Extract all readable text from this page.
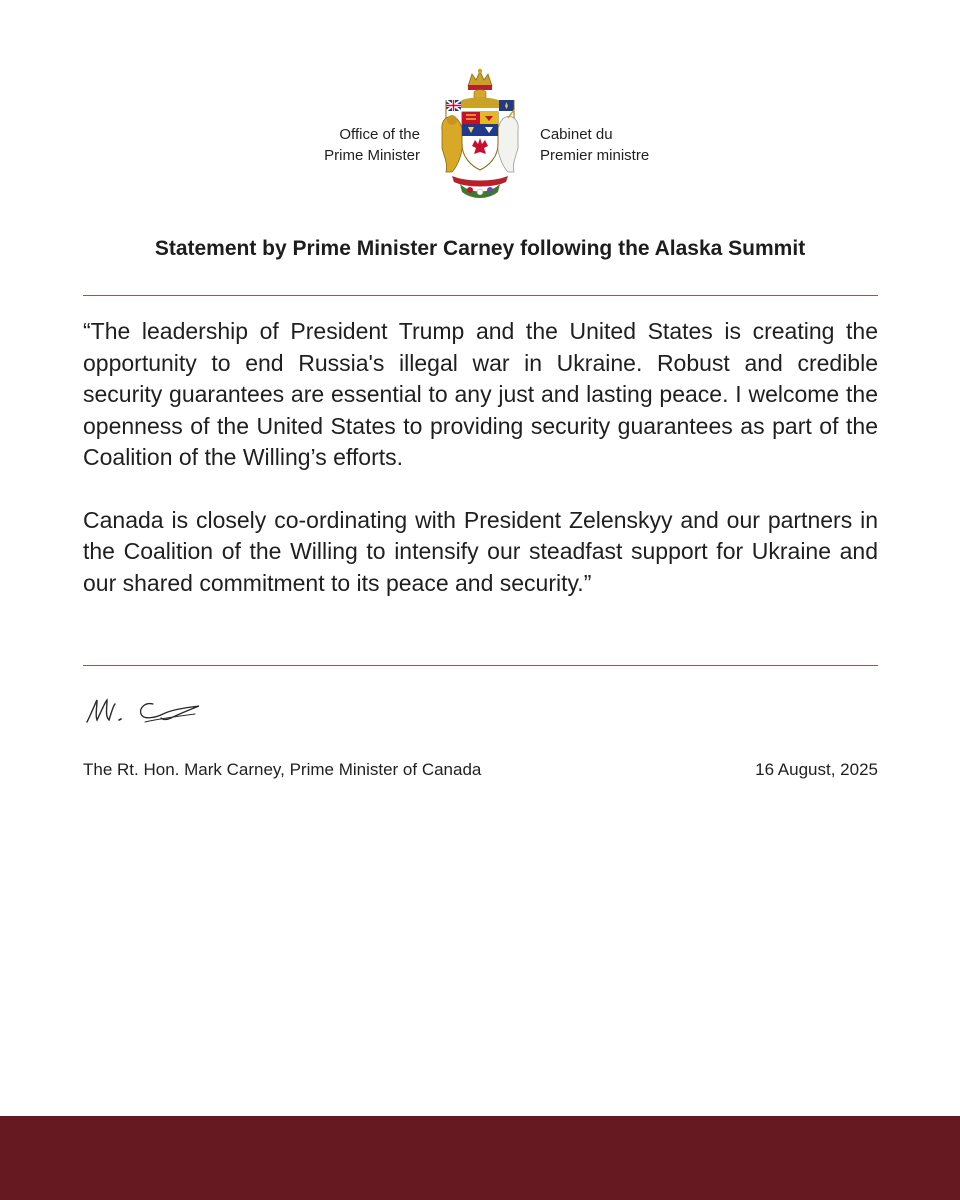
Office of the
Prime Minister
Cabinet du
Premier ministre
Statement by Prime Minister Carney following the Alaska Summit

“The leadership of President Trump and the United States is creating the opportunity to end Russia's illegal war in Ukraine. Robust and credible security guarantees are essential to any just and lasting peace. I welcome the openness of the United States to providing security guarantees as part of the Coalition of the Willing’s efforts.

Canada is closely co-ordinating with President Zelenskyy and our partners in the Coalition of the Willing to intensify our steadfast support for Ukraine and our shared commitment to its peace and security.”

The Rt. Hon. Mark Carney, Prime Minister of Canada	16 August, 2025
